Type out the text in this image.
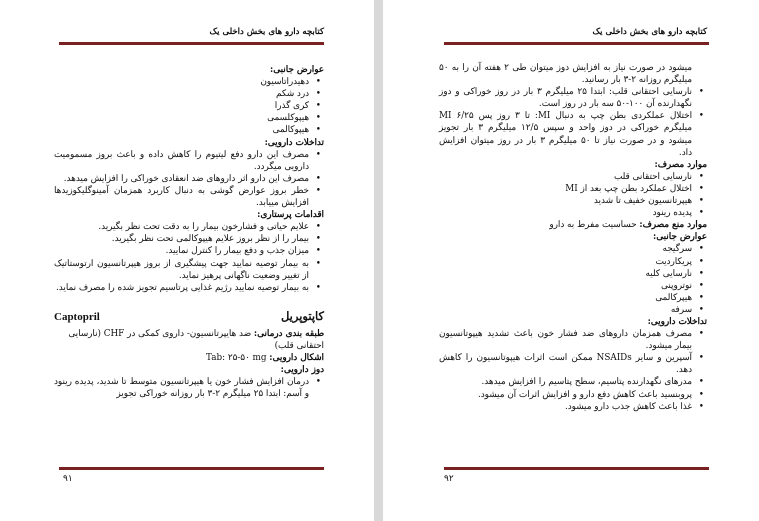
کتابچه دارو های بخش داخلی یک

عوارض جانبی:

• دهیدراتاسیون
• درد شکم
• کری گذرا
• هیپوکلسمی
• هیپوکالمی

تداخلات دارویی:

• مصرف این دارو دفع لیتیوم را کاهش داده و باعث بروز مسمومیت دارویی میگردد.
• مصرف این دارو اثر داروهای ضد انعقادی خوراکی را افزایش میدهد.
• خطر بروز عوارض گوشی به دنبال کاربرد همزمان آمینوگلیکوزیدها افزایش مییابد.

اقدامات پرستاری:

• علایم حیاتی و فشارخون بیمار را به دقت تحت نظر بگیرید.
• بیمار را از نظر بروز علایم هیپوکالمی تحت نظر بگیرید.
• میزان جذب و دفع بیمار را کنترل نمایید.
• به بیمار توصیه نمایید جهت پیشگیری از بروز هیپرتانسیون ارتوستاتیک از تغییر وضعیت ناگهانی پرهیز نماید.
• به بیمار توصیه نمایید رژیم غذایی پرتاسیم تجویز شده را مصرف نماید.
کاپتوپریل
Captopril
طبقه بندی درمانی: ضد هایپرتانسیون- داروی کمکی در CHF (نارسایی احتقانی قلب)
اشکال دارویی: Tab: ۲۵-۵۰ mg

دوز دارویی:

• درمان افزایش فشار خون یا هیپرتانسیون متوسط تا شدید، پدیده رینود و آسم: ابتدا ۲۵ میلیگرم ۲-۳ بار روزانه خوراکی تجویز
۹۱
کتابچه دارو های بخش داخلی یک

میشود در صورت نیاز به افزایش دوز میتوان طی ۲ هفته آن را به ۵۰ میلیگرم روزانه ۲-۳ بار رسانید.

• نارسایی احتقانی قلب: ابتدا ۲۵ میلیگرم ۳ بار در روز خوراکی و دوز نگهدارنده آن ۱۰۰-۵۰ سه بار در روز است.
• اختلال عملکردی بطن چپ به دنبال MI: تا ۳ روز پس MI ۶/۲۵ میلیگرم خوراکی در دوز واحد و سپس ۱۲/۵ میلیگرم ۳ بار تجویز میشود و در صورت نیاز تا ۵۰ میلیگرم ۳ بار در روز میتوان افزایش داد.

موارد مصرف:

• نارسایی احتقانی قلب
• اختلال عملکرد بطن چپ بعد از MI
• هیپرتانسیون خفیف تا شدید
• پدیده رینود
موارد منع مصرف: حساسیت مفرط به دارو

عوارض جانبی:

• سرگیجه
• پریکاردیت
• نارسایی کلیه
• نوتروپنی
• هیپرکالمی
• سرفه

تداخلات دارویی:

• مصرف همزمان داروهای ضد فشار خون باعث تشدید هیپوتانسیون بیمار میشود.
• آسپرین و سایر NSAIDs ممکن است اثرات هیپوتانسیون را کاهش دهد.
• مدرهای نگهدارنده پتاسیم، سطح پتاسیم را افزایش میدهد.
• پروبنسید باعث کاهش دفع دارو و افزایش اثرات آن میشود.
• غذا باعث کاهش جذب دارو میشود.
۹۲
